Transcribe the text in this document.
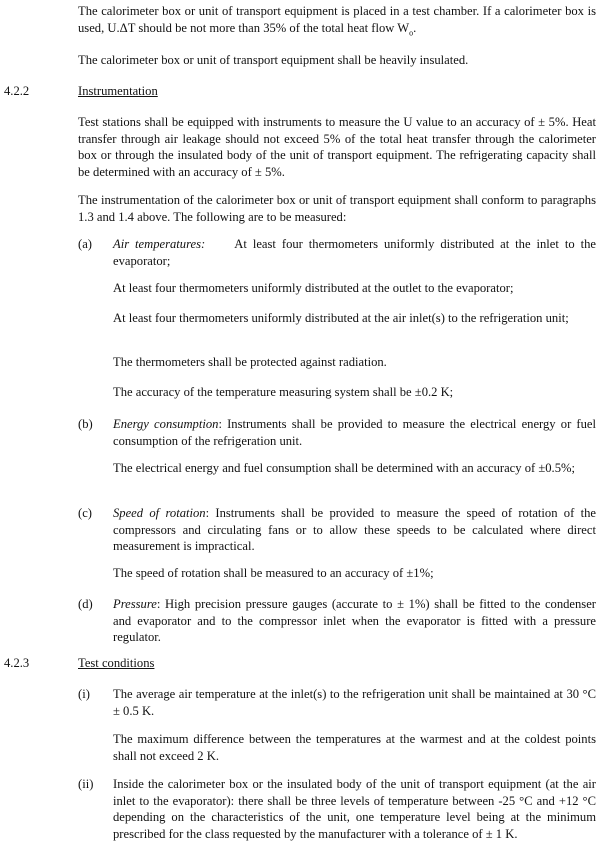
The calorimeter box or unit of transport equipment is placed in a test chamber. If a calorimeter box is used, U.ΔT should be not more than 35% of the total heat flow $W_o$.

The calorimeter box or unit of transport equipment shall be heavily insulated.

4.2.2	Instrumentation

Test stations shall be equipped with instruments to measure the U value to an accuracy of ± 5%. Heat transfer through air leakage should not exceed 5% of the total heat transfer through the calorimeter box or through the insulated body of the unit of transport equipment. The refrigerating capacity shall be determined with an accuracy of ± 5%.

The instrumentation of the calorimeter box or unit of transport equipment shall conform to paragraphs 1.3 and 1.4 above. The following are to be measured:

(a) Air temperatures: At least four thermometers uniformly distributed at the inlet to the evaporator;

At least four thermometers uniformly distributed at the outlet to the evaporator;

At least four thermometers uniformly distributed at the air inlet(s) to the refrigeration unit;

The thermometers shall be protected against radiation.

The accuracy of the temperature measuring system shall be ±0.2 K;

(b) Energy consumption: Instruments shall be provided to measure the electrical energy or fuel consumption of the refrigeration unit.

The electrical energy and fuel consumption shall be determined with an accuracy of ±0.5%;

(c) Speed of rotation: Instruments shall be provided to measure the speed of rotation of the compressors and circulating fans or to allow these speeds to be calculated where direct measurement is impractical.

The speed of rotation shall be measured to an accuracy of ±1%;

(d) Pressure: High precision pressure gauges (accurate to ± 1%) shall be fitted to the condenser and evaporator and to the compressor inlet when the evaporator is fitted with a pressure regulator.

4.2.3	Test conditions
(i) The average air temperature at the inlet(s) to the refrigeration unit shall be maintained at 30 °C ± 0.5 K.

The maximum difference between the temperatures at the warmest and at the coldest points shall not exceed 2 K.

(ii) Inside the calorimeter box or the insulated body of the unit of transport equipment (at the air inlet to the evaporator): there shall be three levels of temperature between -25 °C and +12 °C depending on the characteristics of the unit, one temperature level being at the minimum prescribed for the class requested by the manufacturer with a tolerance of ± 1 K.
